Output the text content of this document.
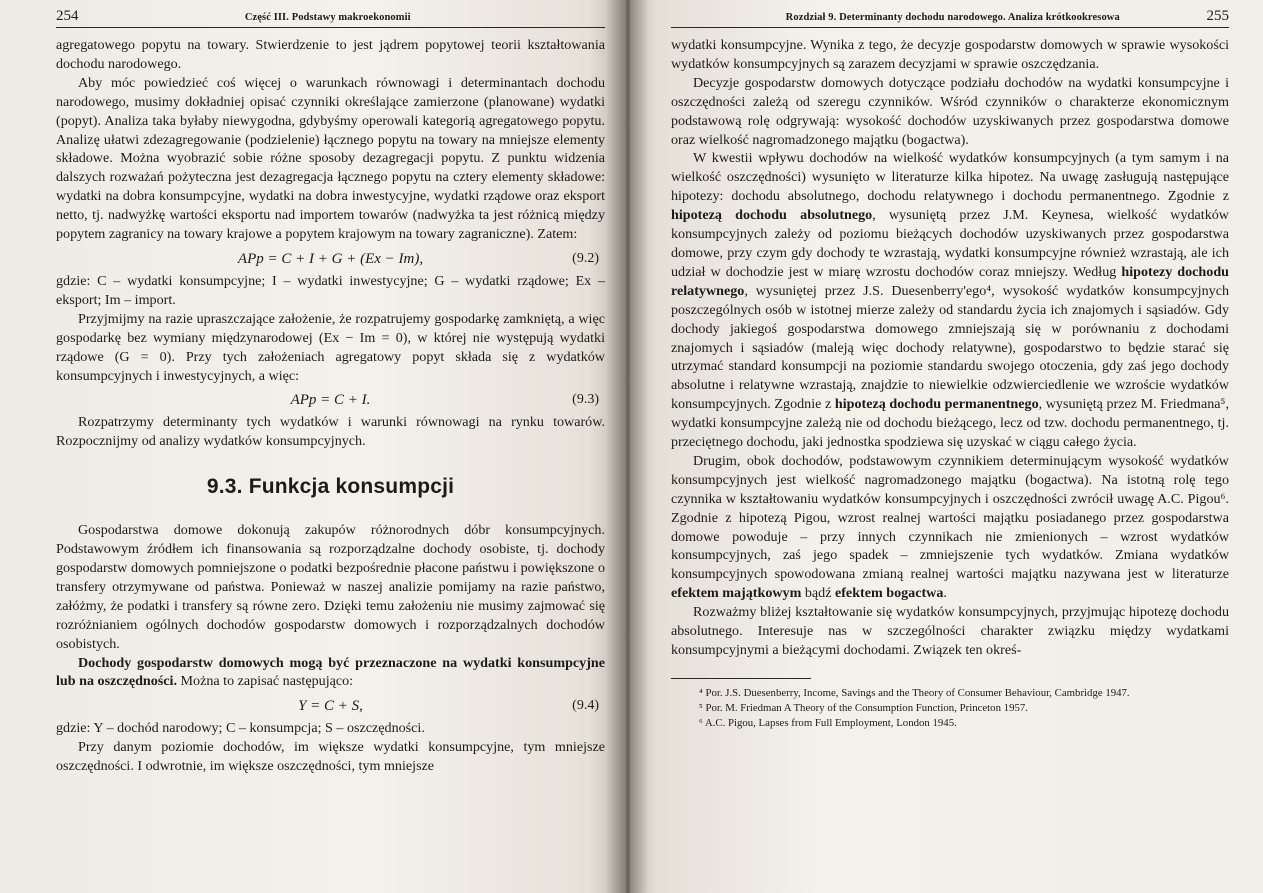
254	Część III. Podstawy makroekonomii

agregatowego popytu na towary. Stwierdzenie to jest jądrem popytowej teorii kształtowania dochodu narodowego.

Aby móc powiedzieć coś więcej o warunkach równowagi i determinantach dochodu narodowego, musimy dokładniej opisać czynniki określające zamierzone (planowane) wydatki (popyt). Analiza taka byłaby niewygodna, gdybyśmy operowali kategorią agregatowego popytu. Analizę ułatwi zdezagregowanie (podzielenie) łącznego popytu na towary na mniejsze elementy składowe. Można wyobrazić sobie różne sposoby dezagregacji popytu. Z punktu widzenia dalszych rozważań pożyteczna jest dezagregacja łącznego popytu na cztery elementy składowe: wydatki na dobra konsumpcyjne, wydatki na dobra inwestycyjne, wydatki rządowe oraz eksport netto, tj. nadwyżkę wartości eksportu nad importem towarów (nadwyżka ta jest różnicą między popytem zagranicy na towary krajowe a popytem krajowym na towary zagraniczne). Zatem:

APp = C + I + G + (Ex − Im),	(9.2)

gdzie: C – wydatki konsumpcyjne; I – wydatki inwestycyjne; G – wydatki rządowe; Ex – eksport; Im – import.

Przyjmijmy na razie upraszczające założenie, że rozpatrujemy gospodarkę zamkniętą, a więc gospodarkę bez wymiany międzynarodowej (Ex − Im = 0), w której nie występują wydatki rządowe (G = 0). Przy tych założeniach agregatowy popyt składa się z wydatków konsumpcyjnych i inwestycyjnych, a więc:

APp = C + I.	(9.3)

Rozpatrzymy determinanty tych wydatków i warunki równowagi na rynku towarów. Rozpocznijmy od analizy wydatków konsumpcyjnych.

9.3. Funkcja konsumpcji

Gospodarstwa domowe dokonują zakupów różnorodnych dóbr konsumpcyjnych. Podstawowym źródłem ich finansowania są rozporządzalne dochody osobiste, tj. dochody gospodarstw domowych pomniejszone o podatki bezpośrednie płacone państwu i powiększone o transfery otrzymywane od państwa. Ponieważ w naszej analizie pomijamy na razie państwo, załóżmy, że podatki i transfery są równe zero. Dzięki temu założeniu nie musimy zajmować się rozróżnianiem ogólnych dochodów gospodarstw domowych i rozporządzalnych dochodów osobistych.

Dochody gospodarstw domowych mogą być przeznaczone na wydatki konsumpcyjne lub na oszczędności. Można to zapisać następująco:

Y = C + S,	(9.4)

gdzie: Y – dochód narodowy; C – konsumpcja; S – oszczędności.

Przy danym poziomie dochodów, im większe wydatki konsumpcyjne, tym mniejsze oszczędności. I odwrotnie, im większe oszczędności, tym mniejsze

Rozdział 9. Determinanty dochodu narodowego. Analiza krótkookresowa	255

wydatki konsumpcyjne. Wynika z tego, że decyzje gospodarstw domowych w sprawie wysokości wydatków konsumpcyjnych są zarazem decyzjami w sprawie oszczędzania.

Decyzje gospodarstw domowych dotyczące podziału dochodów na wydatki konsumpcyjne i oszczędności zależą od szeregu czynników. Wśród czynników o charakterze ekonomicznym podstawową rolę odgrywają: wysokość dochodów uzyskiwanych przez gospodarstwa domowe oraz wielkość nagromadzonego majątku (bogactwa).

W kwestii wpływu dochodów na wielkość wydatków konsumpcyjnych (a tym samym i na wielkość oszczędności) wysunięto w literaturze kilka hipotez. Na uwagę zasługują następujące hipotezy: dochodu absolutnego, dochodu relatywnego i dochodu permanentnego. Zgodnie z hipotezą dochodu absolutnego, wysuniętą przez J.M. Keynesa, wielkość wydatków konsumpcyjnych zależy od poziomu bieżących dochodów uzyskiwanych przez gospodarstwa domowe, przy czym gdy dochody te wzrastają, wydatki konsumpcyjne również wzrastają, ale ich udział w dochodzie jest w miarę wzrostu dochodów coraz mniejszy. Według hipotezy dochodu relatywnego, wysuniętej przez J.S. Duesenberry'ego⁴, wysokość wydatków konsumpcyjnych poszczególnych osób w istotnej mierze zależy od standardu życia ich znajomych i sąsiadów. Gdy dochody jakiegoś gospodarstwa domowego zmniejszają się w porównaniu z dochodami znajomych i sąsiadów (maleją więc dochody relatywne), gospodarstwo to będzie starać się utrzymać standard konsumpcji na poziomie standardu swojego otoczenia, gdy zaś jego dochody absolutne i relatywne wzrastają, znajdzie to niewielkie odzwierciedlenie we wzroście wydatków konsumpcyjnych. Zgodnie z hipotezą dochodu permanentnego, wysuniętą przez M. Friedmana⁵, wydatki konsumpcyjne zależą nie od dochodu bieżącego, lecz od tzw. dochodu permanentnego, tj. przeciętnego dochodu, jaki jednostka spodziewa się uzyskać w ciągu całego życia.

Drugim, obok dochodów, podstawowym czynnikiem determinującym wysokość wydatków konsumpcyjnych jest wielkość nagromadzonego majątku (bogactwa). Na istotną rolę tego czynnika w kształtowaniu wydatków konsumpcyjnych i oszczędności zwrócił uwagę A.C. Pigou⁶. Zgodnie z hipotezą Pigou, wzrost realnej wartości majątku posiadanego przez gospodarstwa domowe powoduje – przy innych czynnikach nie zmienionych – wzrost wydatków konsumpcyjnych, zaś jego spadek – zmniejszenie tych wydatków. Zmiana wydatków konsumpcyjnych spowodowana zmianą realnej wartości majątku nazywana jest w literaturze efektem majątkowym bądź efektem bogactwa.

Rozważmy bliżej kształtowanie się wydatków konsumpcyjnych, przyjmując hipotezę dochodu absolutnego. Interesuje nas w szczególności charakter związku między wydatkami konsumpcyjnymi a bieżącymi dochodami. Związek ten okreś-

⁴ Por. J.S. Duesenberry, Income, Savings and the Theory of Consumer Behaviour, Cambridge 1947.
⁵ Por. M. Friedman A Theory of the Consumption Function, Princeton 1957.
⁶ A.C. Pigou, Lapses from Full Employment, London 1945.
